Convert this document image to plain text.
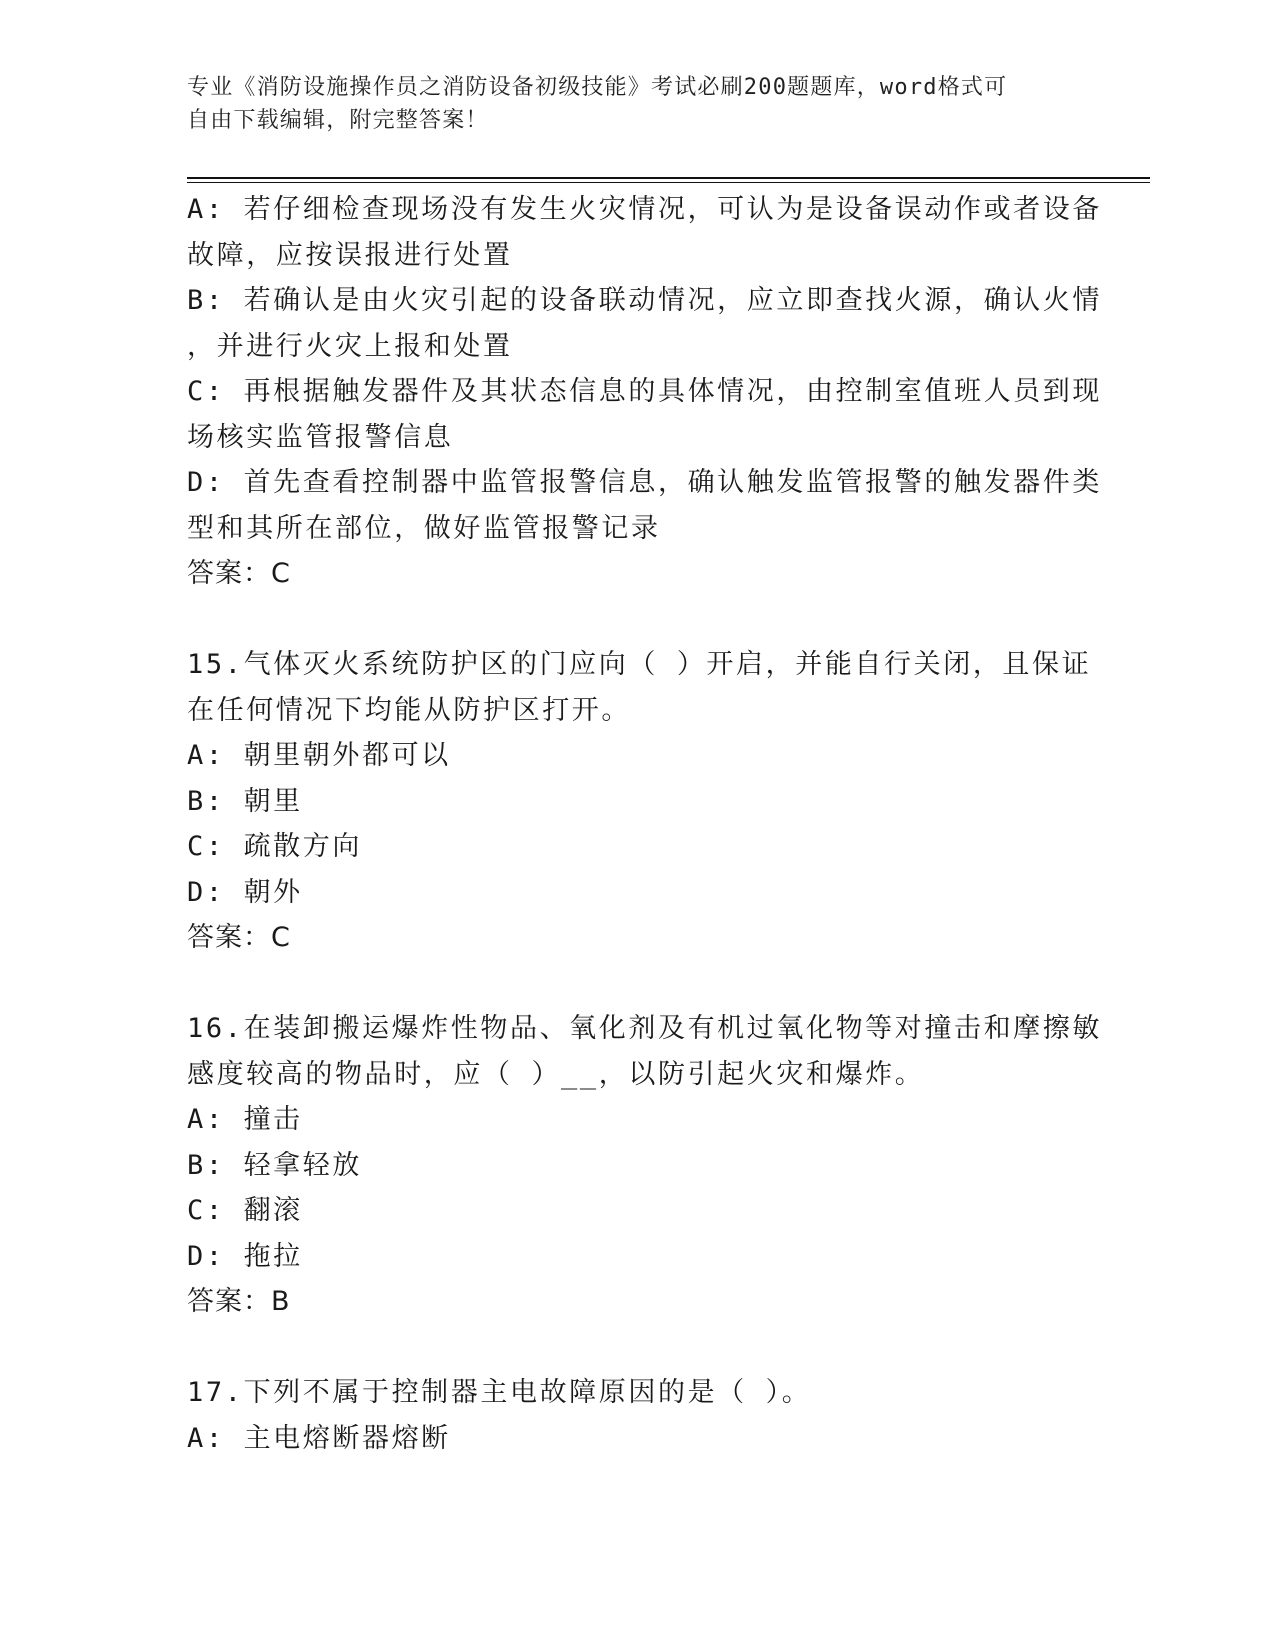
专业《消防设施操作员之消防设备初级技能》考试必刷200题题库，word格式可
自由下载编辑，附完整答案！
A: 若仔细检查现场没有发生火灾情况，可认为是设备误动作或者设备
故障，应按误报进行处置
B: 若确认是由火灾引起的设备联动情况，应立即查找火源，确认火情
，并进行火灾上报和处置
C: 再根据触发器件及其状态信息的具体情况，由控制室值班人员到现
场核实监管报警信息
D: 首先查看控制器中监管报警信息，确认触发监管报警的触发器件类
型和其所在部位，做好监管报警记录
答案：C
15.气体灭火系统防护区的门应向（ ）开启，并能自行关闭，且保证
在任何情况下均能从防护区打开。
A: 朝里朝外都可以
B: 朝里
C: 疏散方向
D: 朝外
答案：C
16.在装卸搬运爆炸性物品、氧化剂及有机过氧化物等对撞击和摩擦敏
感度较高的物品时，应（ ）__，以防引起火灾和爆炸。
A: 撞击
B: 轻拿轻放
C: 翻滚
D: 拖拉
答案：B
17.下列不属于控制器主电故障原因的是（ ）。
A: 主电熔断器熔断
